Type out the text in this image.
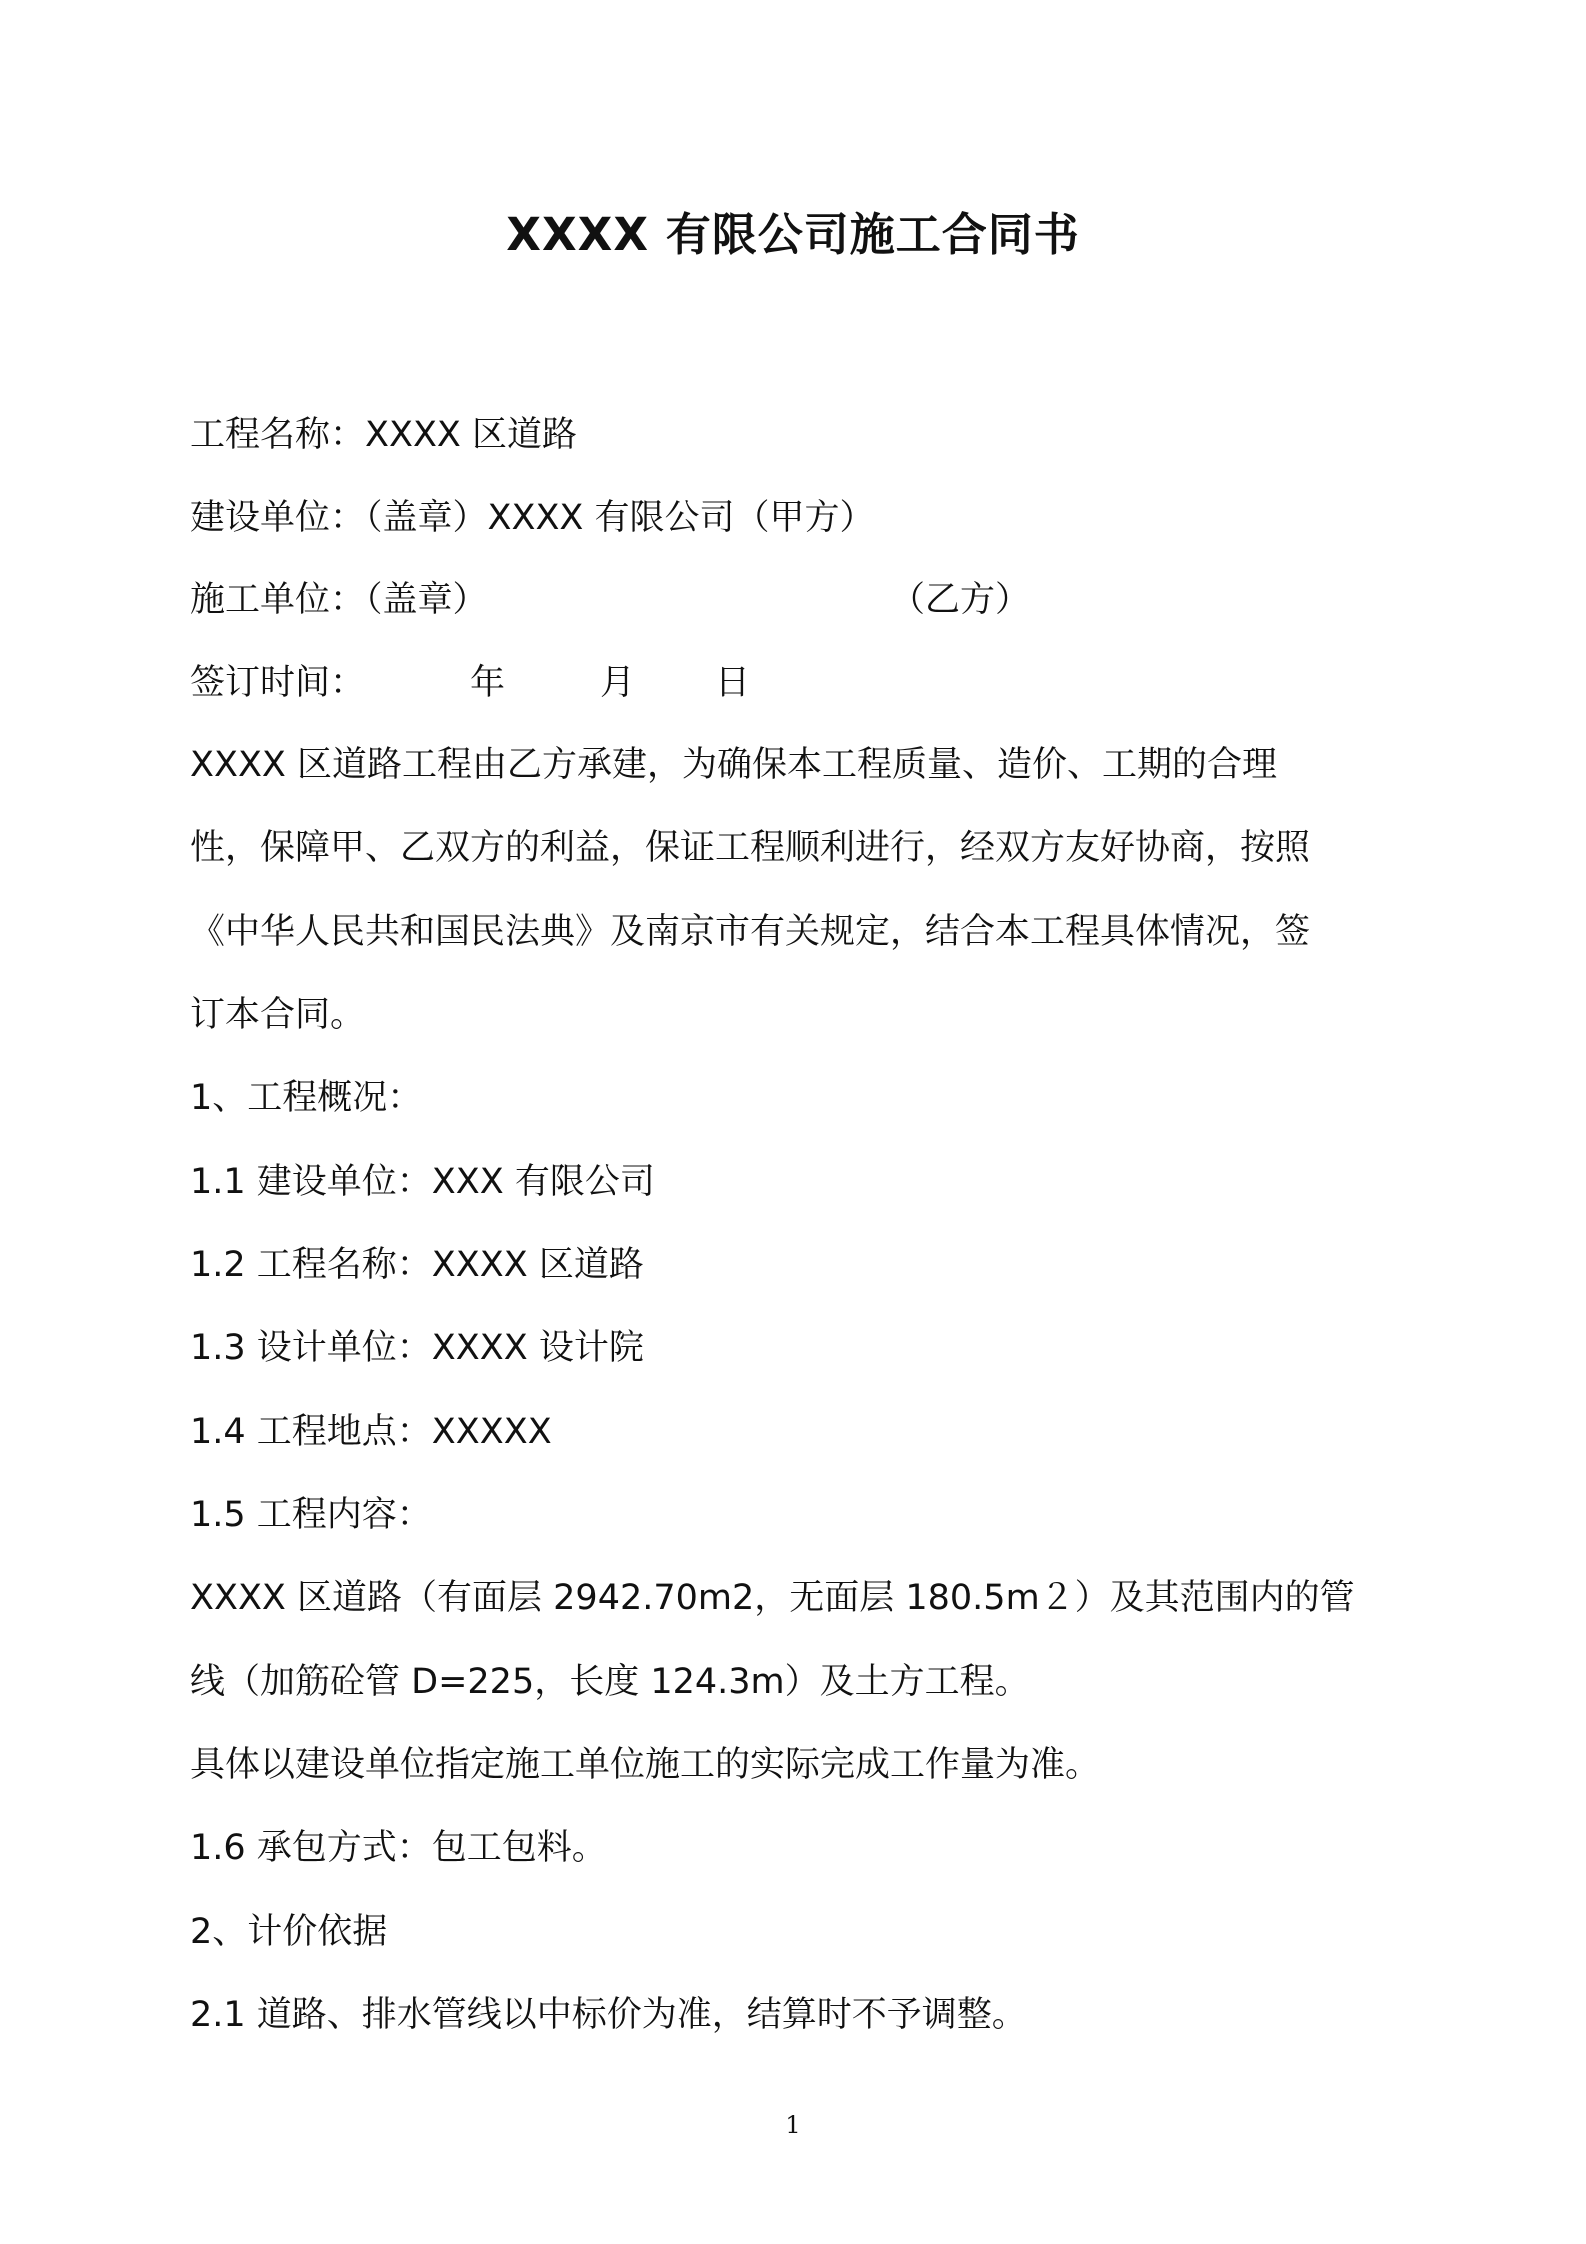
XXXX 有限公司施工合同书
工程名称：XXXX 区道路
建设单位：（盖章）XXXX 有限公司（甲方）
施工单位：（盖章）	（乙方）
签订时间：	年	月 日
XXXX 区道路工程由乙方承建，为确保本工程质量、造价、工期的合理
性，保障甲、乙双方的利益，保证工程顺利进行，经双方友好协商，按照
《中华人民共和国民法典》及南京市有关规定，结合本工程具体情况，签
订本合同。
1、工程概况：
1.1 建设单位：XXX 有限公司
1.2 工程名称：XXXX 区道路
1.3 设计单位：XXXX 设计院
1.4 工程地点：XXXXX
1.5 工程内容：
XXXX 区道路（有面层 2942.70m2，无面层 180.5m２）及其范围内的管
线（加筋砼管 D=225，长度 124.3m）及土方工程。
具体以建设单位指定施工单位施工的实际完成工作量为准。
1.6 承包方式：包工包料。
2、计价依据
2.1 道路、排水管线以中标价为准，结算时不予调整。
1
